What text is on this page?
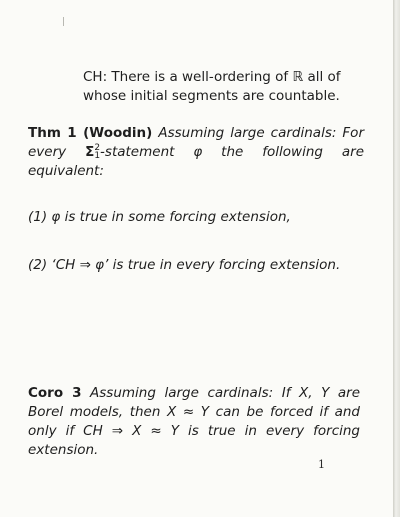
CH: There is a well-ordering of ℝ all of
whose initial segments are countable.
Thm 1 (Woodin) Assuming large cardinals: For every Σ 2
1 -statement φ the following are equivalent:
(1) φ is true in some forcing extension,
(2) ‘CH ⇒ φ’ is true in every forcing extension.
Coro 3 Assuming large cardinals: If X, Y are Borel models, then X ≈ Y can be forced if and only if CH ⇒ X ≈ Y is true in every forcing extension.
1
